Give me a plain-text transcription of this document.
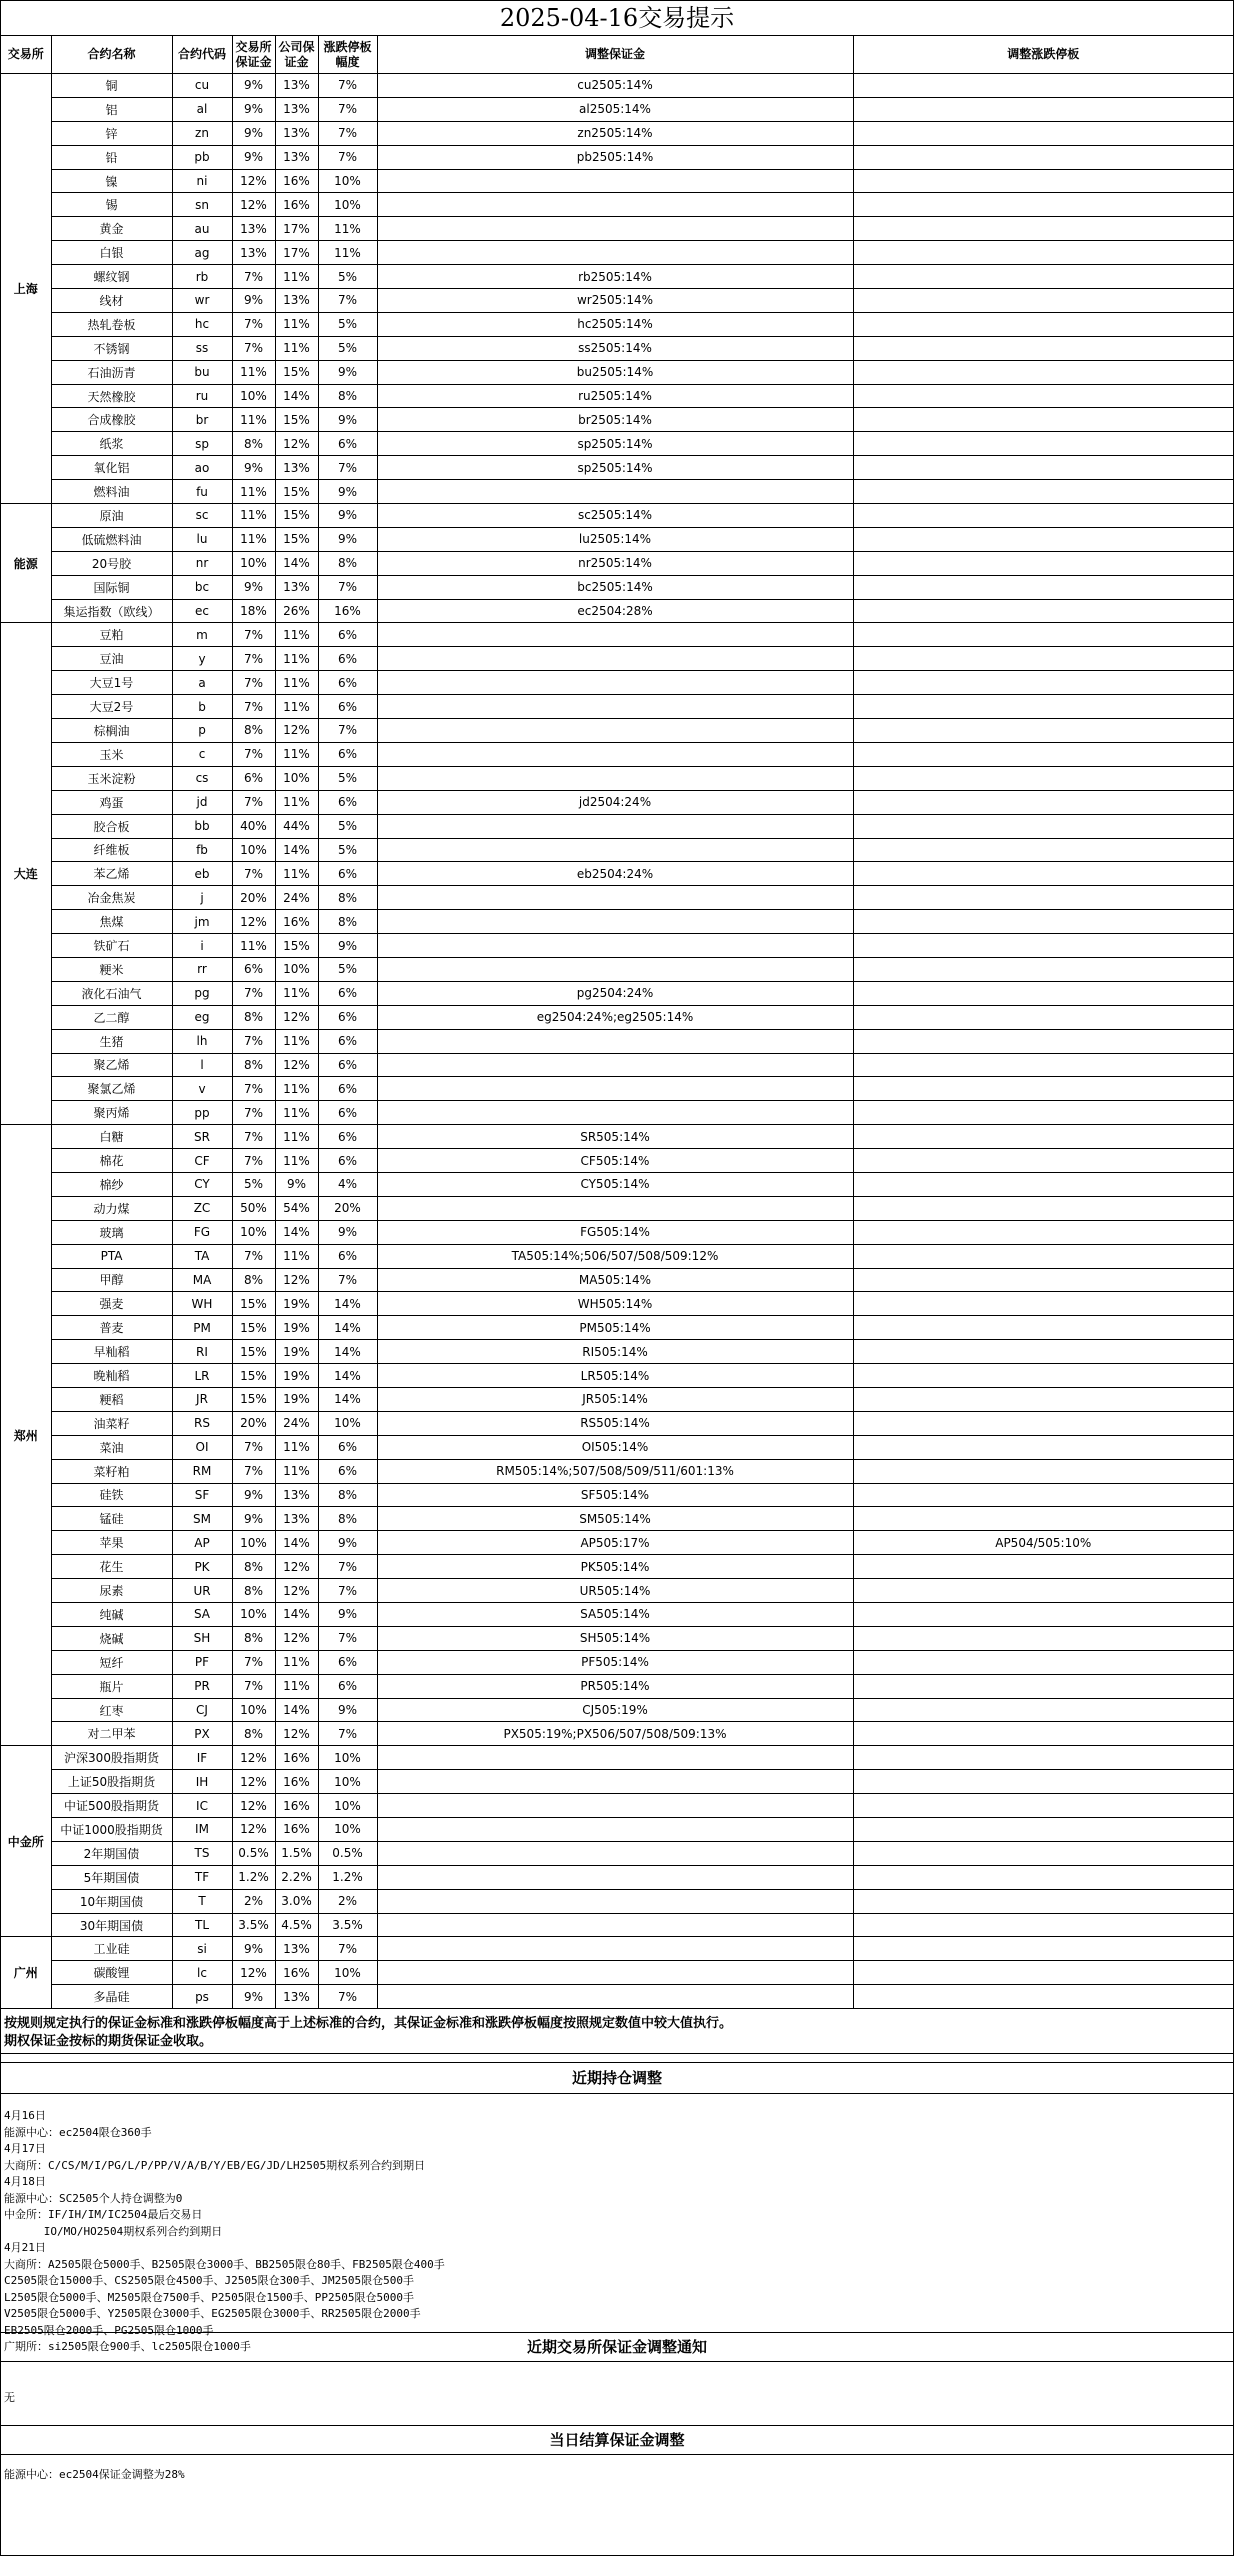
2025-04-16交易提示
交易所	合约名称	合约代码	交易所保证金	公司保证金	涨跌停板幅度	调整保证金	调整涨跌停板
上海	铜	cu	9%	13%	7%	cu2505:14%	
	铝	al	9%	13%	7%	al2505:14%	
	锌	zn	9%	13%	7%	zn2505:14%	
	铅	pb	9%	13%	7%	pb2505:14%	
	镍	ni	12%	16%	10%		
	锡	sn	12%	16%	10%		
	黄金	au	13%	17%	11%		
	白银	ag	13%	17%	11%		
	螺纹钢	rb	7%	11%	5%	rb2505:14%	
	线材	wr	9%	13%	7%	wr2505:14%	
	热轧卷板	hc	7%	11%	5%	hc2505:14%	
	不锈钢	ss	7%	11%	5%	ss2505:14%	
	石油沥青	bu	11%	15%	9%	bu2505:14%	
	天然橡胶	ru	10%	14%	8%	ru2505:14%	
	合成橡胶	br	11%	15%	9%	br2505:14%	
	纸浆	sp	8%	12%	6%	sp2505:14%	
	氧化铝	ao	9%	13%	7%	sp2505:14%	
	燃料油	fu	11%	15%	9%		
能源	原油	sc	11%	15%	9%	sc2505:14%	
	低硫燃料油	lu	11%	15%	9%	lu2505:14%	
	20号胶	nr	10%	14%	8%	nr2505:14%	
	国际铜	bc	9%	13%	7%	bc2505:14%	
	集运指数（欧线）	ec	18%	26%	16%	ec2504:28%	
大连	豆粕	m	7%	11%	6%		
	豆油	y	7%	11%	6%		
	大豆1号	a	7%	11%	6%		
	大豆2号	b	7%	11%	6%		
	棕榈油	p	8%	12%	7%		
	玉米	c	7%	11%	6%		
	玉米淀粉	cs	6%	10%	5%		
	鸡蛋	jd	7%	11%	6%	jd2504:24%	
	胶合板	bb	40%	44%	5%		
	纤维板	fb	10%	14%	5%		
	苯乙烯	eb	7%	11%	6%	eb2504:24%	
	冶金焦炭	j	20%	24%	8%		
	焦煤	jm	12%	16%	8%		
	铁矿石	i	11%	15%	9%		
	粳米	rr	6%	10%	5%		
	液化石油气	pg	7%	11%	6%	pg2504:24%	
	乙二醇	eg	8%	12%	6%	eg2504:24%;eg2505:14%	
	生猪	lh	7%	11%	6%		
	聚乙烯	l	8%	12%	6%		
	聚氯乙烯	v	7%	11%	6%		
	聚丙烯	pp	7%	11%	6%		
郑州	白糖	SR	7%	11%	6%	SR505:14%	
	棉花	CF	7%	11%	6%	CF505:14%	
	棉纱	CY	5%	9%	4%	CY505:14%	
	动力煤	ZC	50%	54%	20%		
	玻璃	FG	10%	14%	9%	FG505:14%	
	PTA	TA	7%	11%	6%	TA505:14%;506/507/508/509:12%	
	甲醇	MA	8%	12%	7%	MA505:14%	
	强麦	WH	15%	19%	14%	WH505:14%	
	普麦	PM	15%	19%	14%	PM505:14%	
	早籼稻	RI	15%	19%	14%	RI505:14%	
	晚籼稻	LR	15%	19%	14%	LR505:14%	
	粳稻	JR	15%	19%	14%	JR505:14%	
	油菜籽	RS	20%	24%	10%	RS505:14%	
	菜油	OI	7%	11%	6%	OI505:14%	
	菜籽粕	RM	7%	11%	6%	RM505:14%;507/508/509/511/601:13%	
	硅铁	SF	9%	13%	8%	SF505:14%	
	锰硅	SM	9%	13%	8%	SM505:14%	
	苹果	AP	10%	14%	9%	AP505:17%	AP504/505:10%
	花生	PK	8%	12%	7%	PK505:14%	
	尿素	UR	8%	12%	7%	UR505:14%	
	纯碱	SA	10%	14%	9%	SA505:14%	
	烧碱	SH	8%	12%	7%	SH505:14%	
	短纤	PF	7%	11%	6%	PF505:14%	
	瓶片	PR	7%	11%	6%	PR505:14%	
	红枣	CJ	10%	14%	9%	CJ505:19%	
	对二甲苯	PX	8%	12%	7%	PX505:19%;PX506/507/508/509:13%	
中金所	沪深300股指期货	IF	12%	16%	10%		
	上证50股指期货	IH	12%	16%	10%		
	中证500股指期货	IC	12%	16%	10%		
	中证1000股指期货	IM	12%	16%	10%		
	2年期国债	TS	0.5%	1.5%	0.5%		
	5年期国债	TF	1.2%	2.2%	1.2%		
	10年期国债	T	2%	3.0%	2%		
	30年期国债	TL	3.5%	4.5%	3.5%		
广州	工业硅	si	9%	13%	7%		
	碳酸锂	lc	12%	16%	10%		
	多晶硅	ps	9%	13%	7%		
按规则规定执行的保证金标准和涨跌停板幅度高于上述标准的合约，其保证金标准和涨跌停板幅度按照规定数值中较大值执行。
期权保证金按标的期货保证金收取。
近期持仓调整
4月16日
能源中心：ec2504限仓360手
4月17日
大商所：C/CS/M/I/PG/L/P/PP/V/A/B/Y/EB/EG/JD/LH2505期权系列合约到期日
4月18日
能源中心：SC2505个人持仓调整为0
中金所：IF/IH/IM/IC2504最后交易日
IO/MO/HO2504期权系列合约到期日
4月21日
大商所：A2505限仓5000手、B2505限仓3000手、BB2505限仓80手、FB2505限仓400手
C2505限仓15000手、CS2505限仓4500手、J2505限仓300手、JM2505限仓500手
L2505限仓5000手、M2505限仓7500手、P2505限仓1500手、PP2505限仓5000手
V2505限仓5000手、Y2505限仓3000手、EG2505限仓3000手、RR2505限仓2000手
EB2505限仓2000手、PG2505限仓1000手
广期所：si2505限仓900手、lc2505限仓1000手	近期交易所保证金调整通知
无
当日结算保证金调整
能源中心：ec2504保证金调整为28%
